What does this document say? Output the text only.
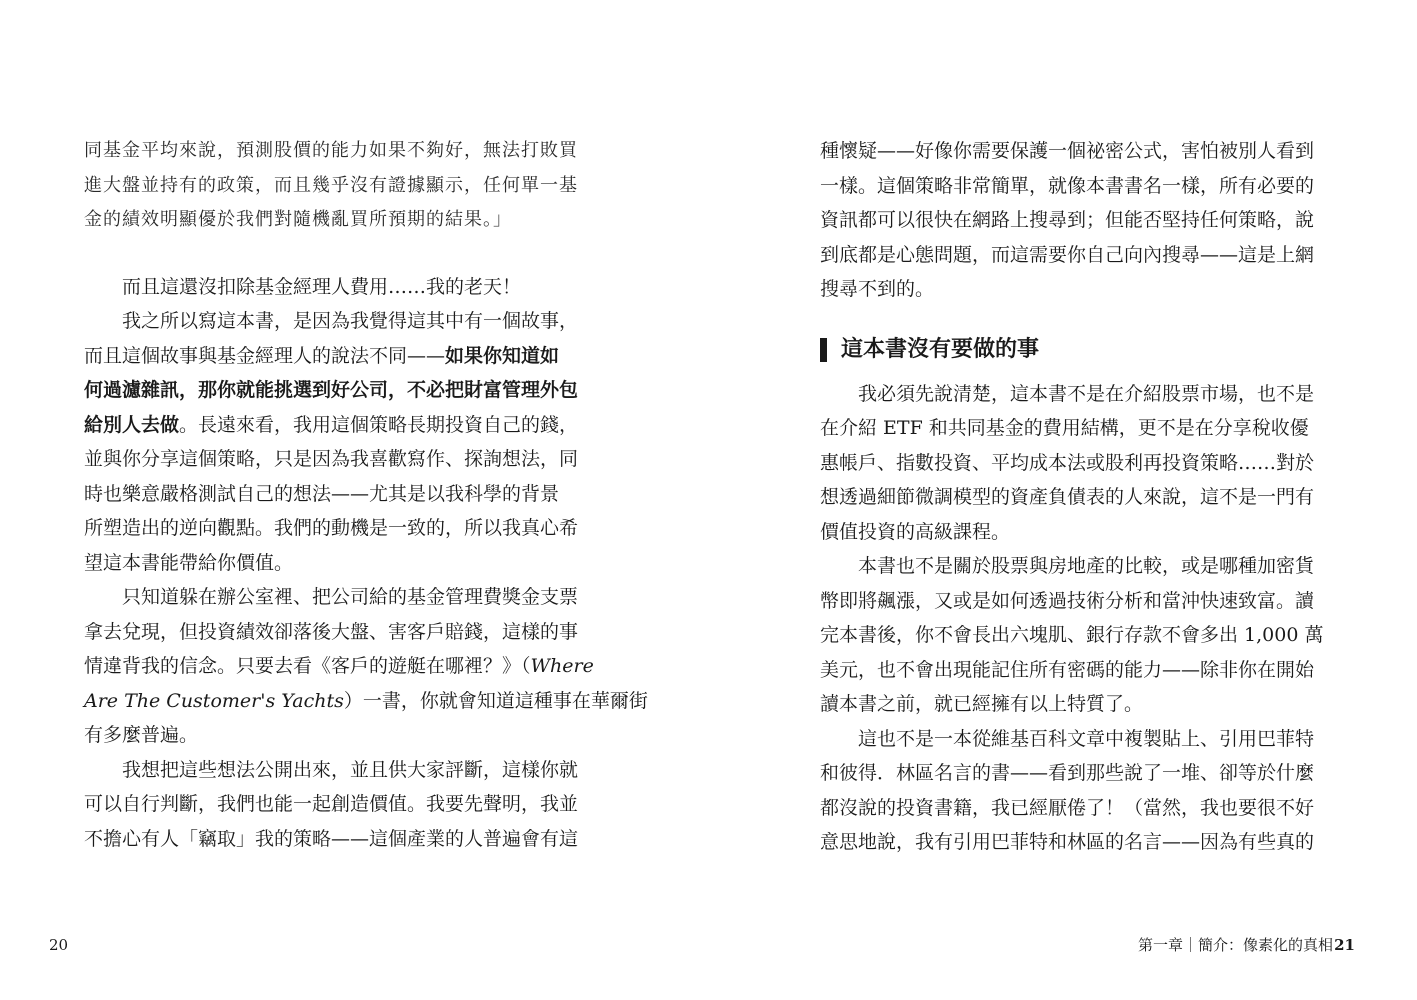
同基金平均來說，預測股價的能力如果不夠好，無法打敗買
進大盤並持有的政策，而且幾乎沒有證據顯示，任何單一基
金的績效明顯優於我們對隨機亂買所預期的結果。」
而且這還沒扣除基金經理人費用……我的老天！
我之所以寫這本書，是因為我覺得這其中有一個故事，
而且這個故事與基金經理人的說法不同——如果你知道如
何過濾雜訊，那你就能挑選到好公司，不必把財富管理外包
給別人去做。長遠來看，我用這個策略長期投資自己的錢，
並與你分享這個策略，只是因為我喜歡寫作、探詢想法，同
時也樂意嚴格測試自己的想法——尤其是以我科學的背景
所塑造出的逆向觀點。我們的動機是一致的，所以我真心希
望這本書能帶給你價值。
只知道躲在辦公室裡、把公司給的基金管理費獎金支票
拿去兌現，但投資績效卻落後大盤、害客戶賠錢，這樣的事
情違背我的信念。只要去看《客戶的遊艇在哪裡？》（Where
Are The Customer's Yachts）一書，你就會知道這種事在華爾街
有多麼普遍。
我想把這些想法公開出來，並且供大家評斷，這樣你就
可以自行判斷，我們也能一起創造價值。我要先聲明，我並
不擔心有人「竊取」我的策略——這個產業的人普遍會有這
20
種懷疑——好像你需要保護一個祕密公式，害怕被別人看到
一樣。這個策略非常簡單，就像本書書名一樣，所有必要的
資訊都可以很快在網路上搜尋到；但能否堅持任何策略，說
到底都是心態問題，而這需要你自己向內搜尋——這是上網
搜尋不到的。
這本書沒有要做的事
我必須先說清楚，這本書不是在介紹股票市場，也不是
在介紹 ETF 和共同基金的費用結構，更不是在分享稅收優
惠帳戶、指數投資、平均成本法或股利再投資策略……對於
想透過細節微調模型的資產負債表的人來說，這不是一門有
價值投資的高級課程。
本書也不是關於股票與房地產的比較，或是哪種加密貨
幣即將飆漲，又或是如何透過技術分析和當沖快速致富。讀
完本書後，你不會長出六塊肌、銀行存款不會多出 1,000 萬
美元，也不會出現能記住所有密碼的能力——除非你在開始
讀本書之前，就已經擁有以上特質了。
這也不是一本從維基百科文章中複製貼上、引用巴菲特
和彼得．林區名言的書——看到那些說了一堆、卻等於什麼
都沒說的投資書籍，我已經厭倦了！（當然，我也要很不好
意思地說，我有引用巴菲特和林區的名言——因為有些真的
第一章｜簡介：像素化的真相 21
